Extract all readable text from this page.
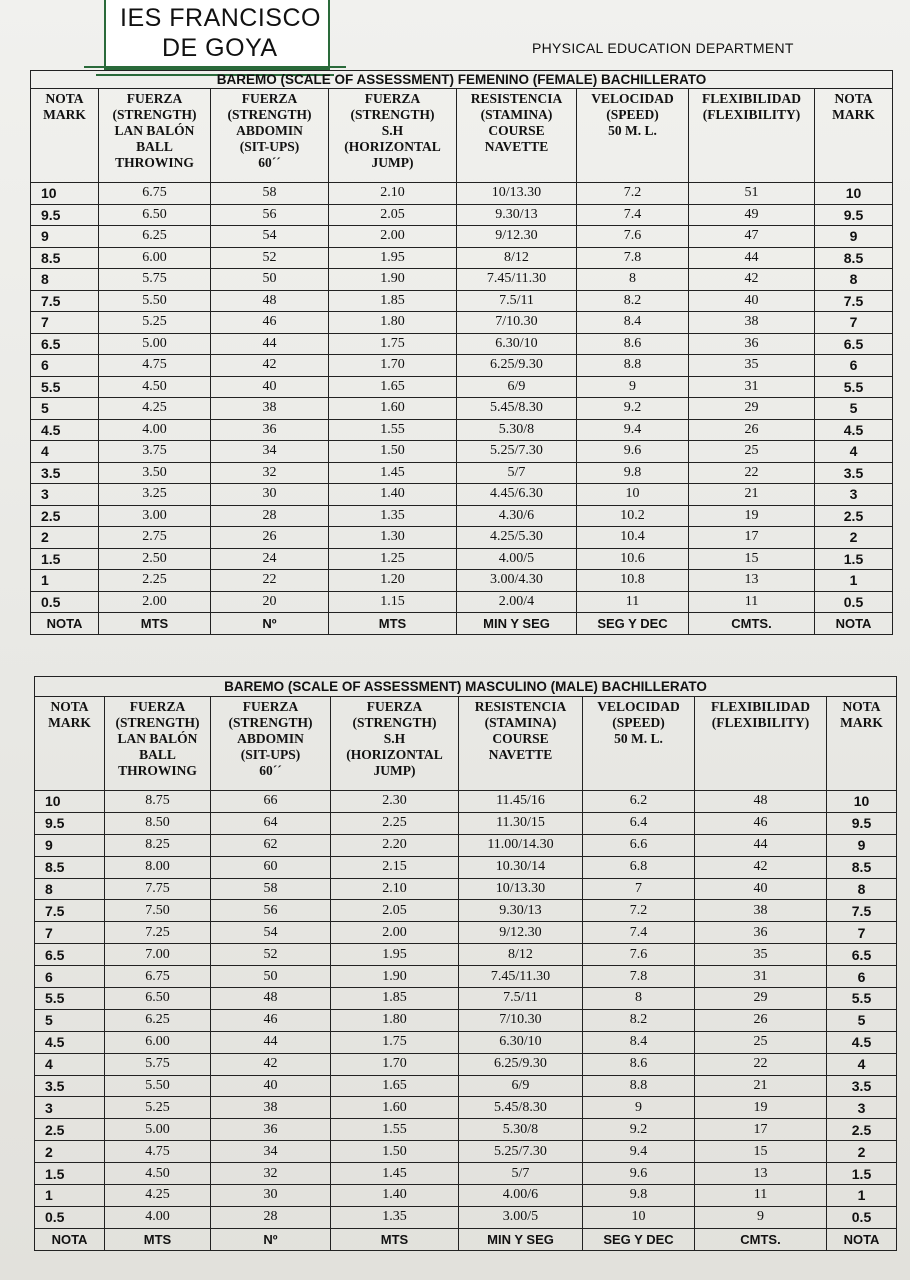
IES FRANCISCO
DE GOYA	PHYSICAL EDUCATION DEPARTMENT
BAREMO (SCALE OF ASSESSMENT) FEMENINO (FEMALE) BACHILLERATO							

NOTA
MARK	FUERZA
(STRENGTH)
LAN BALÓN
BALL
THROWING	FUERZA
(STRENGTH)
ABDOMIN
(SIT-UPS)
60´´	FUERZA
(STRENGTH)
S.H
(HORIZONTAL
JUMP)	RESISTENCIA
(STAMINA)
COURSE
NAVETTE	VELOCIDAD
(SPEED)
50 M. L.	FLEXIBILIDAD
(FLEXIBILITY)	NOTA
MARK

10	6.75	58	2.10	10/13.30	7.2	51	10
9.5	6.50	56	2.05	9.30/13	7.4	49	9.5
9	6.25	54	2.00	9/12.30	7.6	47	9
8.5	6.00	52	1.95	8/12	7.8	44	8.5
8	5.75	50	1.90	7.45/11.30	8	42	8
7.5	5.50	48	1.85	7.5/11	8.2	40	7.5
7	5.25	46	1.80	7/10.30	8.4	38	7
6.5	5.00	44	1.75	6.30/10	8.6	36	6.5
6	4.75	42	1.70	6.25/9.30	8.8	35	6
5.5	4.50	40	1.65	6/9	9	31	5.5
5	4.25	38	1.60	5.45/8.30	9.2	29	5
4.5	4.00	36	1.55	5.30/8	9.4	26	4.5
4	3.75	34	1.50	5.25/7.30	9.6	25	4
3.5	3.50	32	1.45	5/7	9.8	22	3.5
3	3.25	30	1.40	4.45/6.30	10	21	3
2.5	3.00	28	1.35	4.30/6	10.2	19	2.5
2	2.75	26	1.30	4.25/5.30	10.4	17	2
1.5	2.50	24	1.25	4.00/5	10.6	15	1.5
1	2.25	22	1.20	3.00/4.30	10.8	13	1
0.5	2.00	20	1.15	2.00/4	11	11	0.5
NOTA	MTS	Nº	MTS	MIN Y SEG	SEG Y DEC	CMTS.	NOTA
BAREMO (SCALE OF ASSESSMENT) MASCULINO (MALE) BACHILLERATO							

NOTA
MARK	FUERZA
(STRENGTH)
LAN BALÓN
BALL
THROWING	FUERZA
(STRENGTH)
ABDOMIN
(SIT-UPS)
60´´	FUERZA
(STRENGTH)
S.H
(HORIZONTAL
JUMP)	RESISTENCIA
(STAMINA)
COURSE
NAVETTE	VELOCIDAD
(SPEED)
50 M. L.	FLEXIBILIDAD
(FLEXIBILITY)	NOTA
MARK

10	8.75	66	2.30	11.45/16	6.2	48	10
9.5	8.50	64	2.25	11.30/15	6.4	46	9.5
9	8.25	62	2.20	11.00/14.30	6.6	44	9
8.5	8.00	60	2.15	10.30/14	6.8	42	8.5
8	7.75	58	2.10	10/13.30	7	40	8
7.5	7.50	56	2.05	9.30/13	7.2	38	7.5
7	7.25	54	2.00	9/12.30	7.4	36	7
6.5	7.00	52	1.95	8/12	7.6	35	6.5
6	6.75	50	1.90	7.45/11.30	7.8	31	6
5.5	6.50	48	1.85	7.5/11	8	29	5.5
5	6.25	46	1.80	7/10.30	8.2	26	5
4.5	6.00	44	1.75	6.30/10	8.4	25	4.5
4	5.75	42	1.70	6.25/9.30	8.6	22	4
3.5	5.50	40	1.65	6/9	8.8	21	3.5
3	5.25	38	1.60	5.45/8.30	9	19	3
2.5	5.00	36	1.55	5.30/8	9.2	17	2.5
2	4.75	34	1.50	5.25/7.30	9.4	15	2
1.5	4.50	32	1.45	5/7	9.6	13	1.5
1	4.25	30	1.40	4.00/6	9.8	11	1
0.5	4.00	28	1.35	3.00/5	10	9	0.5
NOTA	MTS	Nº	MTS	MIN Y SEG	SEG Y DEC	CMTS.	NOTA
